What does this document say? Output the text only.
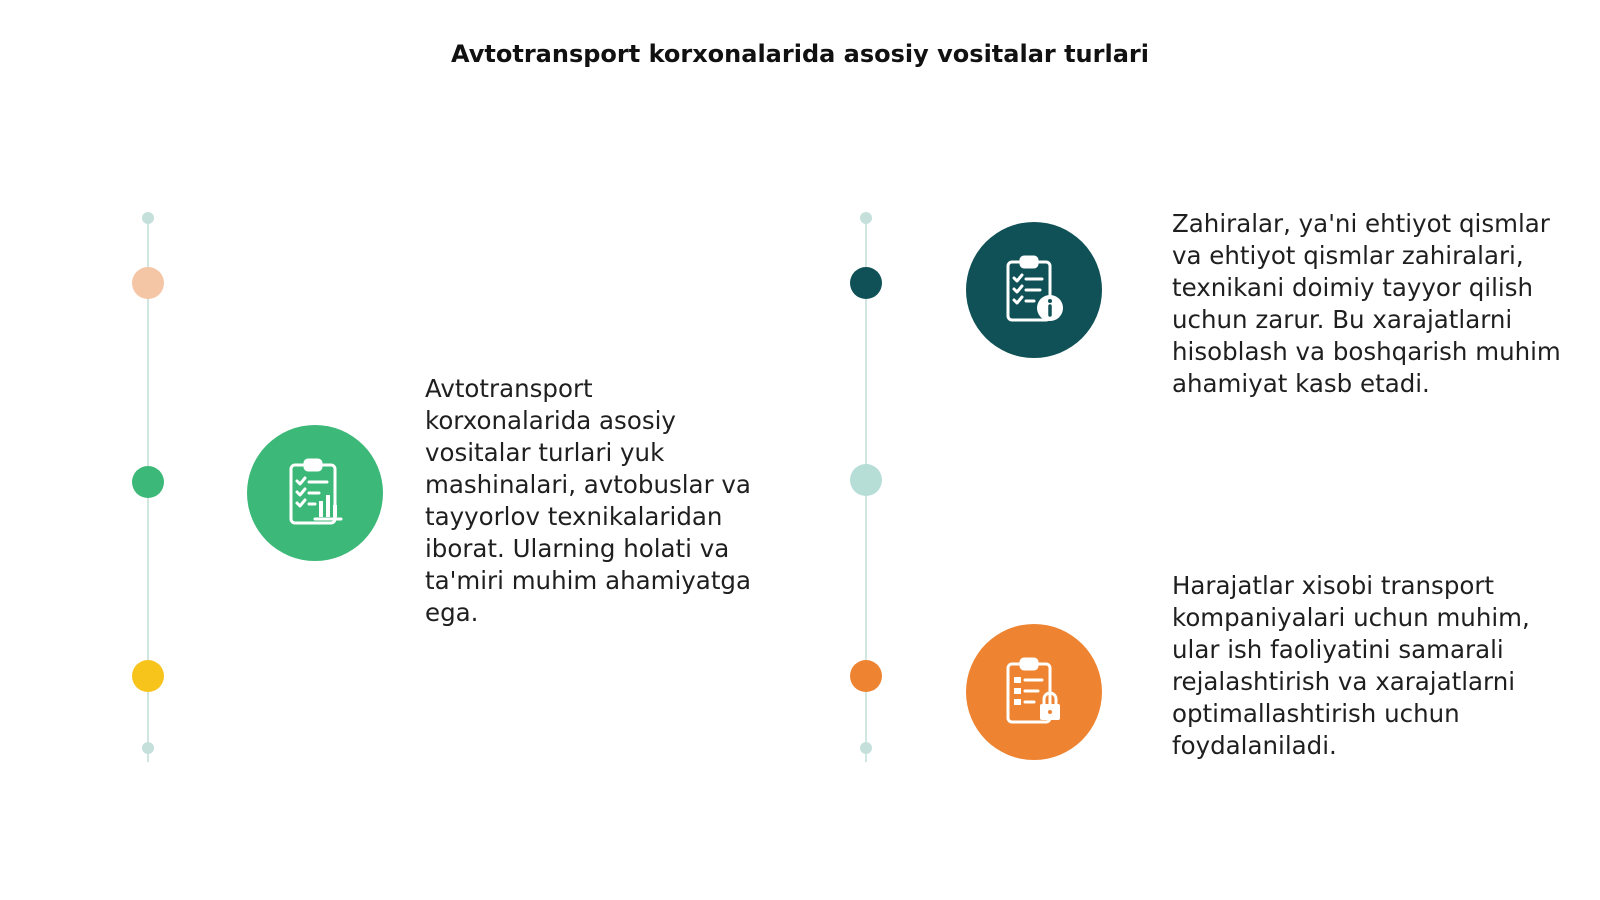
Avtotransport korxonalarida asosiy vositalar turlari
Avtotransport korxonalarida asosiy vositalar turlari yuk mashinalari, avtobuslar va tayyorlov texnikalaridan iborat. Ularning holati va ta'miri muhim ahamiyatga ega.
Zahiralar, ya'ni ehtiyot qismlar va ehtiyot qismlar zahiralari, texnikani doimiy tayyor qilish uchun zarur. Bu xarajatlarni hisoblash va boshqarish muhim ahamiyat kasb etadi.
Harajatlar xisobi transport kompaniyalari uchun muhim, ular ish faoliyatini samarali rejalashtirish va xarajatlarni optimallashtirish uchun foydalaniladi.
